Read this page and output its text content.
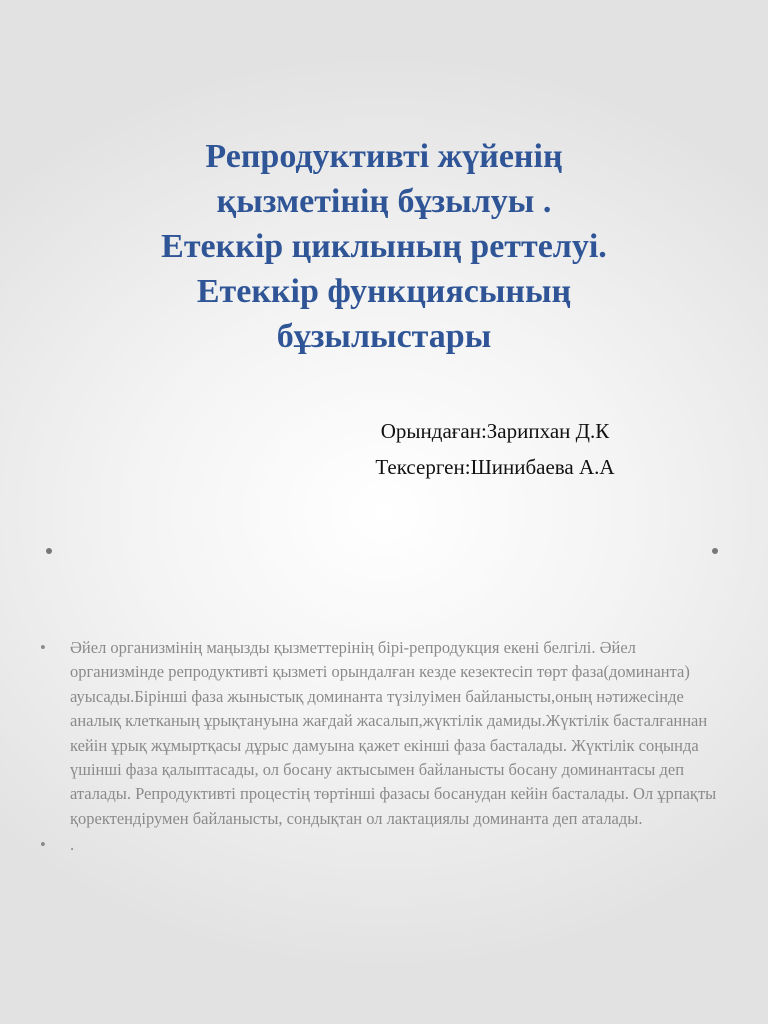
Репродуктивті жүйенің
қызметінің бұзылуы .
Етеккір циклының реттелуі.
Етеккір функциясының
бұзылыстары
Орындаған:Зарипхан Д.К
Тексерген:Шинибаева А.А
•	Әйел организмінің маңызды қызметтерінің бірі-репродукция екені белгілі. Әйел организмінде репродуктивті қызметі орындалған кезде кезектесіп төрт фаза(доминанта) ауысады.Бірінші фаза жыныстық доминанта түзілуімен байланысты,оның нәтижесінде аналық клетканың ұрықтануына жағдай жасалып,жүктілік дамиды.Жүктілік басталғаннан кейін ұрық жұмыртқасы дұрыс дамуына қажет екінші фаза басталады. Жүктілік соңында үшінші фаза қалыптасады, ол босану актысымен байланысты босану доминантасы деп аталады. Репродуктивті процестің төртінші фазасы босанудан кейін басталады. Ол ұрпақты қоректендірумен байланысты, сондықтан ол лактациялы доминанта деп аталады.
•	.
